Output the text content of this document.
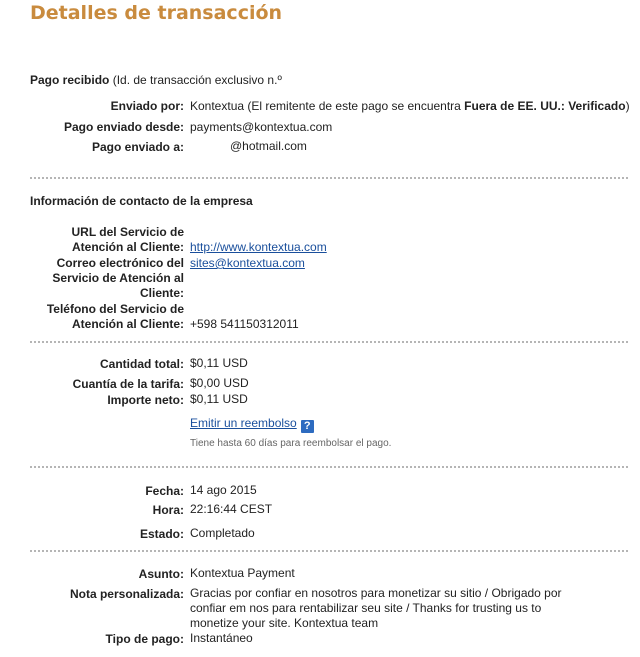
Detalles de transacción
Pago recibido (Id. de transacción exclusivo n.º
Enviado por: Kontextua (El remitente de este pago se encuentra Fuera de EE. UU.: Verificado)
Pago enviado desde: payments@kontextua.com
Pago enviado a:	@hotmail.com
Información de contacto de la empresa
URL del Servicio de
Atención al Cliente: http://www.kontextua.com
Correo electrónico del
Servicio de Atención al
Cliente:
sites@kontextua.com
Teléfono del Servicio de
Atención al Cliente: +598 541150312011
Cantidad total: $0,11 USD
Cuantía de la tarifa: $0,00 USD
Importe neto: $0,11 USD
Emitir un reembolso ?
Tiene hasta 60 días para reembolsar el pago.
Fecha: 14 ago 2015
Hora: 22:16:44 CEST
Estado: Completado
Asunto: Kontextua Payment
Nota personalizada: Gracias por confiar en nosotros para monetizar su sitio / Obrigado por confiar em nos para rentabilizar seu site / Thanks for trusting us to monetize your site. Kontextua team
Tipo de pago: Instantáneo
